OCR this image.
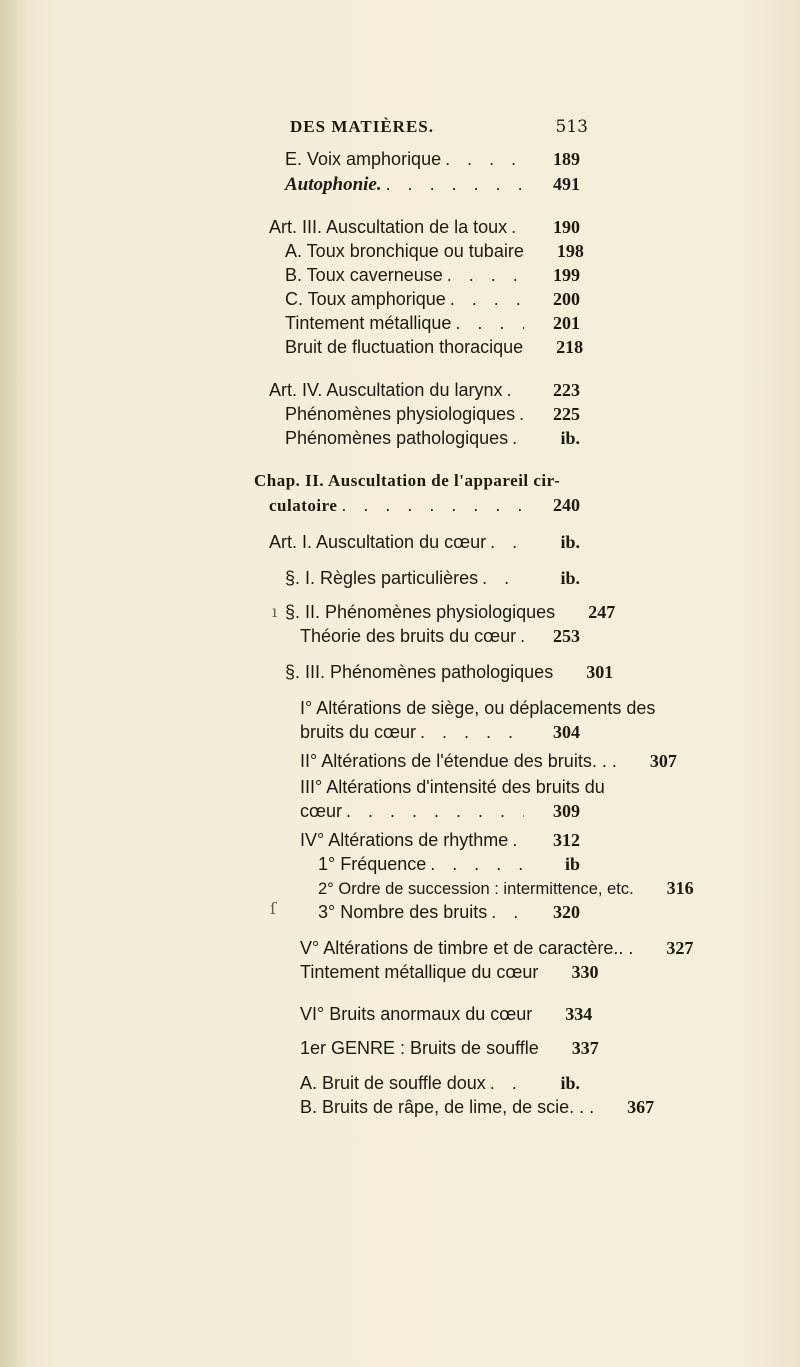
DES MATIÈRES.	513
E. Voix amphorique . . .	189
Autophonie. . . .	491
Art. III. Auscultation de la toux . . .	190
A. Toux bronchique ou tubaire	198
B. Toux caverneuse . . .	199
C. Toux amphorique . . .	200
Tintement métallique . . .	201
Bruit de fluctuation thoracique	218
Art. IV. Auscultation du larynx . . .	223
Phénomènes physiologiques . . .	225
Phénomènes pathologiques . . .	ib.
Chap. II. Auscultation de l'appareil cir-
culatoire . . .	240
Art. I. Auscultation du cœur . . .	ib.
§. I. Règles particulières . . .	ib.
§. II. Phénomènes physiologiques	247
Théorie des bruits du cœur . . .	253
§. III. Phénomènes pathologiques	301
I° Altérations de siège, ou déplacements des
bruits du cœur . . .	304
II° Altérations de l'étendue des bruits. . .	307
III° Altérations d'intensité des bruits du
cœur . . .	309
IV° Altérations de rhythme . . .	312
1° Fréquence . . .	ib
2° Ordre de succession : intermittence, etc.	316
3° Nombre des bruits . . .	320
V° Altérations de timbre et de caractère.. .	327
Tintement métallique du cœur	330
VI° Bruits anormaux du cœur	334
1er GENRE : Bruits de souffle	337
A. Bruit de souffle doux . . .	ib.
B. Bruits de râpe, de lime, de scie. . .	367
ı
ſ
